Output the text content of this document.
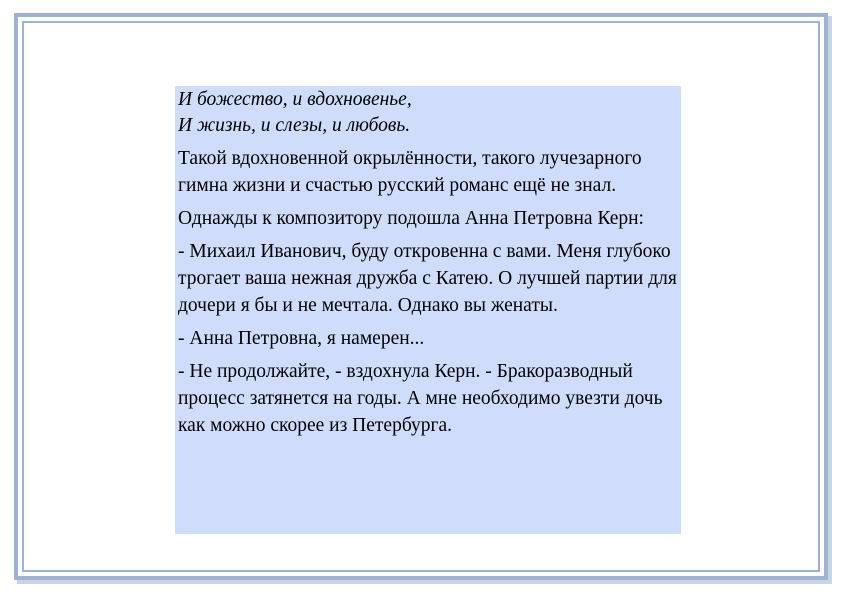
И божество, и вдохновенье,

И жизнь, и слезы, и любовь.

Такой вдохновенной окрылённости, такого лучезарного гимна жизни и счастью русский романс ещё не знал.

Однажды к композитору подошла Анна Петровна Керн:

- Михаил Иванович, буду откровенна с вами. Меня глубоко трогает ваша нежная дружба с Катею. О лучшей партии для дочери я бы и не мечтала. Однако вы женаты.

- Анна Петровна, я намерен...

- Не продолжайте, - вздохнула Керн. - Бракоразводный процесс затянется на годы. А мне необходимо увезти дочь как можно скорее из Петербурга.
